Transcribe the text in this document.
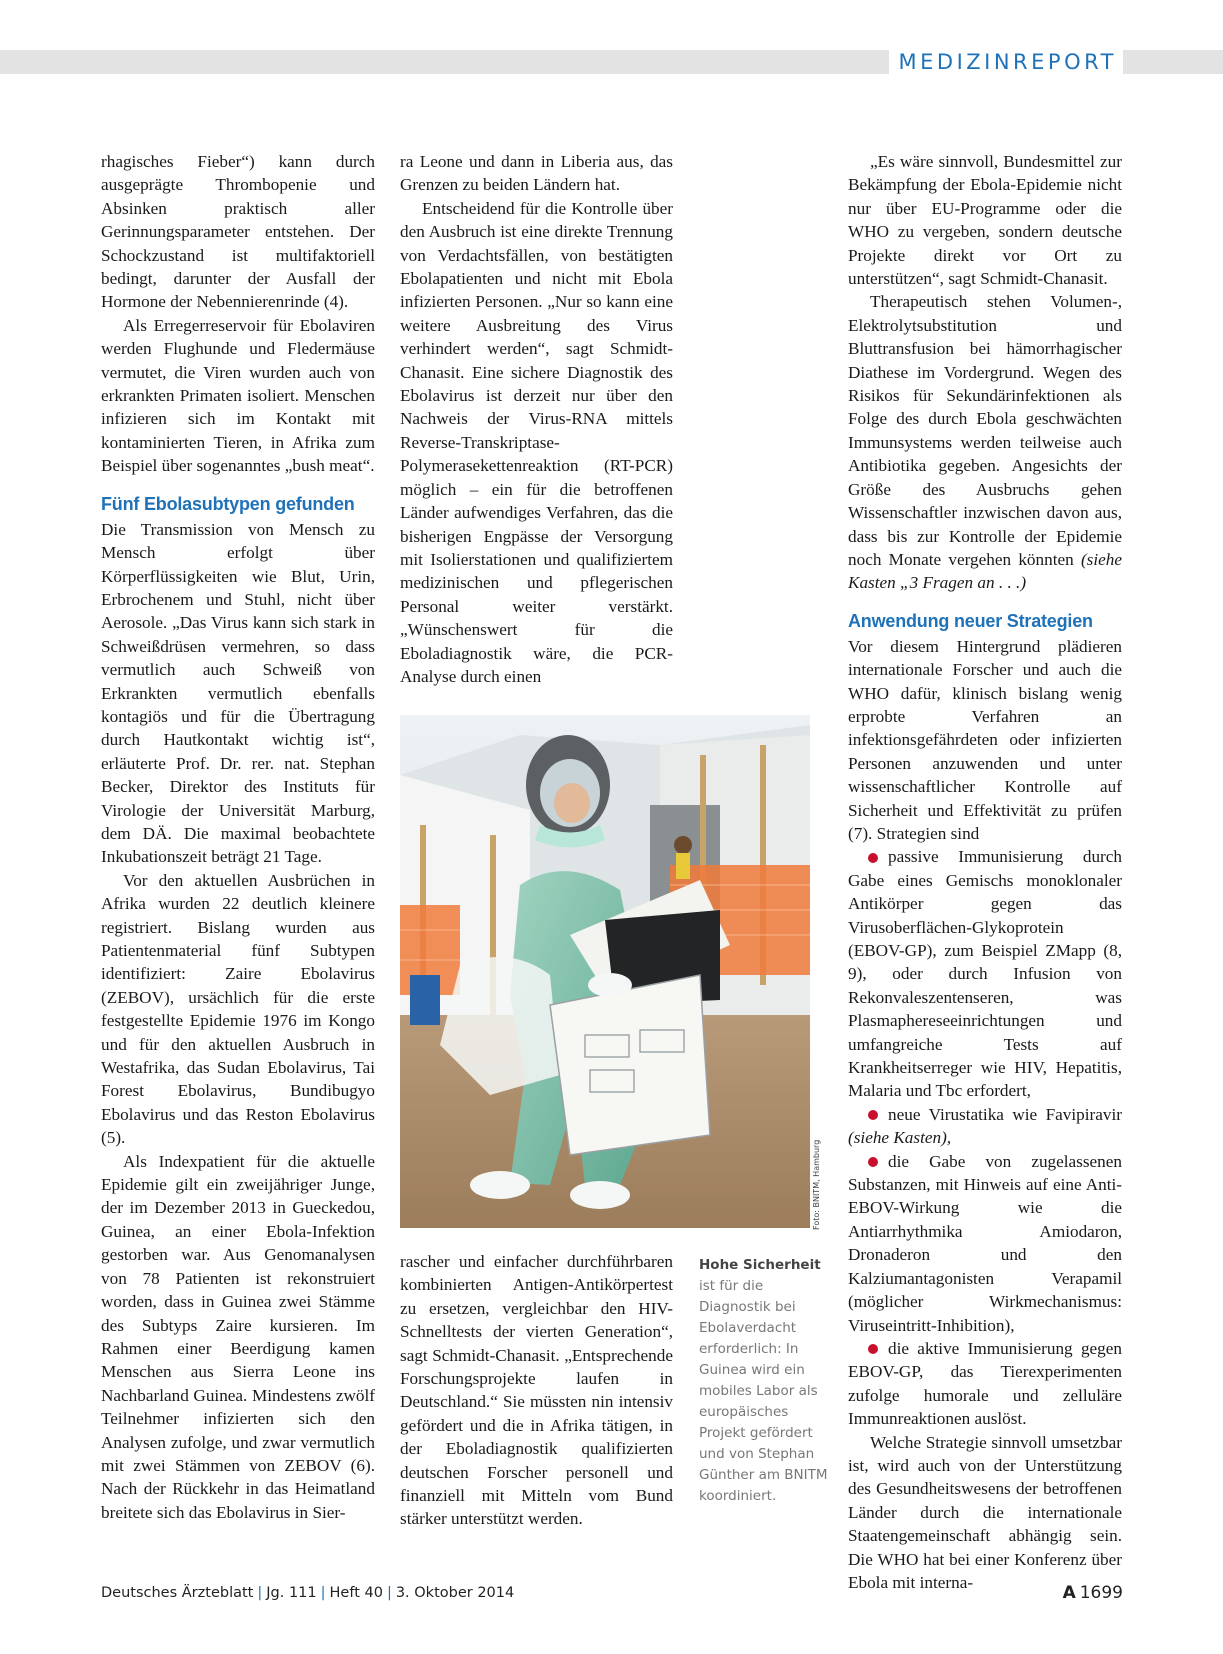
MEDIZINREPORT

rhagisches Fieber“) kann durch ausgeprägte Thrombopenie und Absinken praktisch aller Gerinnungsparameter entstehen. Der Schockzustand ist multifaktoriell bedingt, darunter der Ausfall der Hormone der Nebennierenrinde (4).

Als Erregerreservoir für Ebolaviren werden Flughunde und Fledermäuse vermutet, die Viren wurden auch von erkrankten Primaten isoliert. Menschen infizieren sich im Kontakt mit kontaminierten Tieren, in Afrika zum Beispiel über sogenanntes „bush meat“.

Fünf Ebolasubtypen gefunden

Die Transmission von Mensch zu Mensch erfolgt über Körperflüssigkeiten wie Blut, Urin, Erbrochenem und Stuhl, nicht über Aerosole. „Das Virus kann sich stark in Schweißdrüsen vermehren, so dass vermutlich auch Schweiß von Erkrankten vermutlich ebenfalls kontagiös und für die Übertragung durch Hautkontakt wichtig ist“, erläuterte Prof. Dr. rer. nat. Stephan Becker, Direktor des Instituts für Virologie der Universität Marburg, dem DÄ. Die maximal beobachtete Inkubationszeit beträgt 21 Tage.

Vor den aktuellen Ausbrüchen in Afrika wurden 22 deutlich kleinere registriert. Bislang wurden aus Patientenmaterial fünf Subtypen identifiziert: Zaire Ebolavirus (ZEBOV), ursächlich für die erste festgestellte Epidemie 1976 im Kongo und für den aktuellen Ausbruch in Westafrika, das Sudan Ebolavirus, Tai Forest Ebolavirus, Bundibugyo Ebolavirus und das Reston Ebolavirus (5).

Als Indexpatient für die aktuelle Epidemie gilt ein zweijähriger Junge, der im Dezember 2013 in Gueckedou, Guinea, an einer Ebola-Infektion gestorben war. Aus Genomanalysen von 78 Patienten ist rekonstruiert worden, dass in Guinea zwei Stämme des Subtyps Zaire kursieren. Im Rahmen einer Beerdigung kamen Menschen aus Sierra Leone ins Nachbarland Guinea. Mindestens zwölf Teilnehmer infizierten sich den Analysen zufolge, und zwar vermutlich mit zwei Stämmen von ZEBOV (6). Nach der Rückkehr in das Heimatland breitete sich das Ebolavirus in Sier-

ra Leone und dann in Liberia aus, das Grenzen zu beiden Ländern hat.

Entscheidend für die Kontrolle über den Ausbruch ist eine direkte Trennung von Verdachtsfällen, von bestätigten Ebolapatienten und nicht mit Ebola infizierten Personen. „Nur so kann eine weitere Ausbreitung des Virus verhindert werden“, sagt Schmidt-Chanasit. Eine sichere Diagnostik des Ebolavirus ist derzeit nur über den Nachweis der Virus-RNA mittels Reverse-Transkriptase-Polymerasekettenreaktion (RT-PCR) möglich – ein für die betroffenen Länder aufwendiges Verfahren, das die bisherigen Engpässe der Versorgung mit Isolierstationen und qualifiziertem medizinischen und pflegerischen Personal weiter verstärkt. „Wünschenswert für die Eboladiagnostik wäre, die PCR-Analyse durch einen

Foto: BNITM, Hamburg
Hohe Sicherheit
ist für die Diagnostik bei Ebolaverdacht erforderlich: In Guinea wird ein mobiles Labor als europäisches Projekt gefördert und von Stephan Günther am BNITM koordiniert.

rascher und einfacher durchführbaren kombinierten Antigen-Antikörpertest zu ersetzen, vergleichbar den HIV-Schnelltests der vierten Generation“, sagt Schmidt-Chanasit. „Entsprechende Forschungsprojekte laufen in Deutschland.“ Sie müssten nin intensiv gefördert und die in Afrika tätigen, in der Eboladiagnostik qualifizierten deutschen Forscher personell und finanziell mit Mitteln vom Bund stärker unterstützt werden.

„Es wäre sinnvoll, Bundesmittel zur Bekämpfung der Ebola-Epidemie nicht nur über EU-Programme oder die WHO zu vergeben, sondern deutsche Projekte direkt vor Ort zu unterstützen“, sagt Schmidt-Chanasit.

Therapeutisch stehen Volumen-, Elektrolytsubstitution und Bluttransfusion bei hämorrhagischer Diathese im Vordergrund. Wegen des Risikos für Sekundärinfektionen als Folge des durch Ebola geschwächten Immunsystems werden teilweise auch Antibiotika gegeben. Angesichts der Größe des Ausbruchs gehen Wissenschaftler inzwischen davon aus, dass bis zur Kontrolle der Epidemie noch Monate vergehen könnten (siehe Kasten „3 Fragen an . . .)

Anwendung neuer Strategien

Vor diesem Hintergrund plädieren internationale Forscher und auch die WHO dafür, klinisch bislang wenig erprobte Verfahren an infektionsgefährdeten oder infizierten Personen anzuwenden und unter wissenschaftlicher Kontrolle auf Sicherheit und Effektivität zu prüfen (7). Strategien sind

passive Immunisierung durch Gabe eines Gemischs monoklonaler Antikörper gegen das Virusoberflächen-Glykoprotein (EBOV-GP), zum Beispiel ZMapp (8, 9), oder durch Infusion von Rekonvaleszentenseren, was Plasmaphereseeinrichtungen und umfangreiche Tests auf Krankheitserreger wie HIV, Hepatitis, Malaria und Tbc erfordert,

neue Virustatika wie Favipiravir (siehe Kasten),

die Gabe von zugelassenen Substanzen, mit Hinweis auf eine Anti-EBOV-Wirkung wie die Antiarrhythmika Amiodaron, Dronaderon und den Kalziumantagonisten Verapamil (möglicher Wirkmechanismus: Viruseintritt-Inhibition),

die aktive Immunisierung gegen EBOV-GP, das Tierexperimenten zufolge humorale und zelluläre Immunreaktionen auslöst.

Welche Strategie sinnvoll umsetzbar ist, wird auch von der Unterstützung des Gesundheitswesens der betroffenen Länder durch die internationale Staatengemeinschaft abhängig sein. Die WHO hat bei einer Konferenz über Ebola mit interna-

Deutsches Ärzteblatt | Jg. 111 | Heft 40 | 3. Oktober 2014	A 1699
